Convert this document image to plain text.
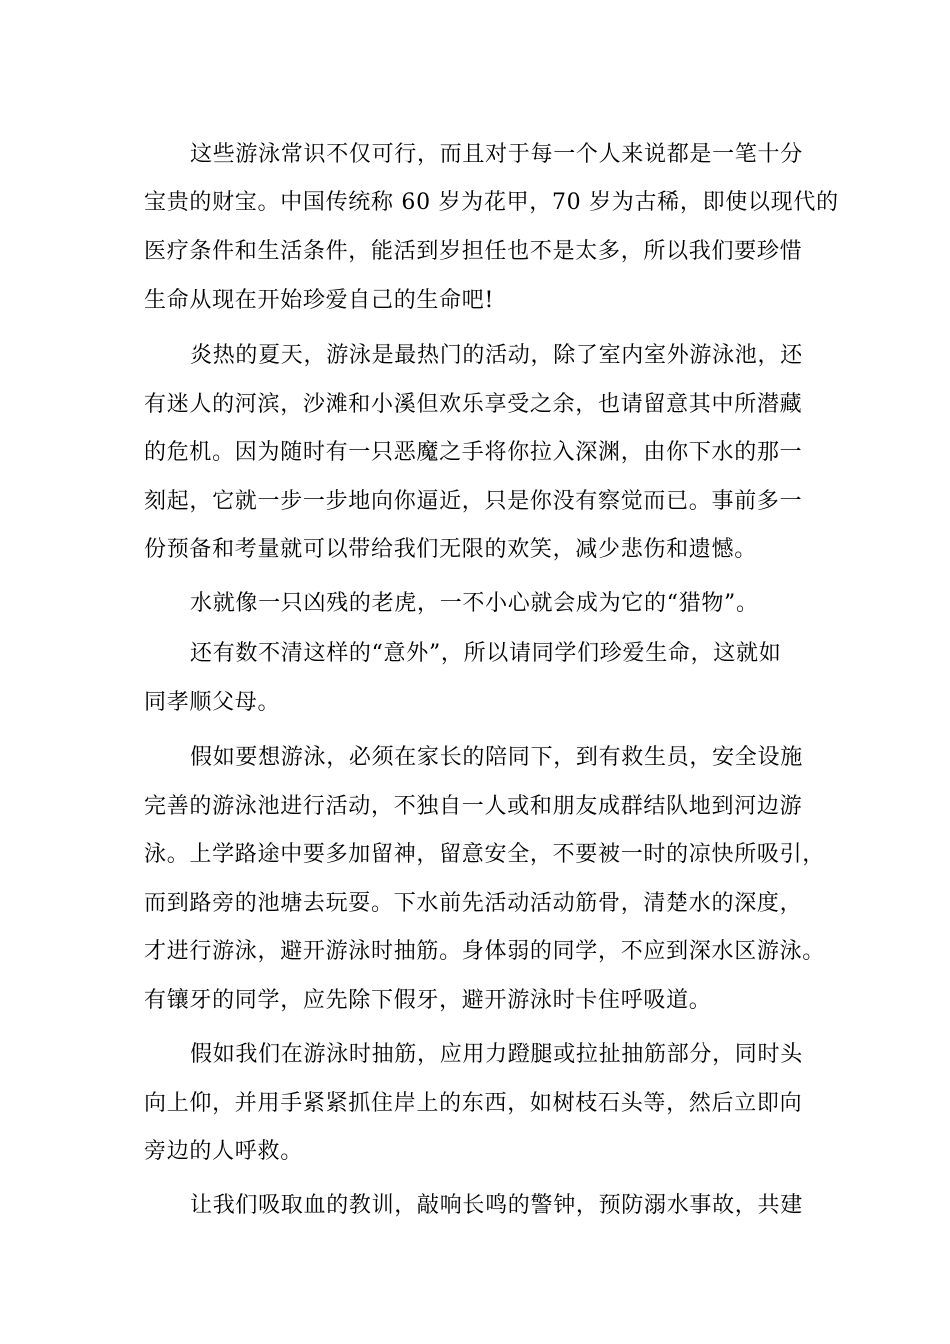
这些游泳常识不仅可行，而且对于每一个人来说都是一笔十分
宝贵的财宝。中国传统称 60 岁为花甲，70 岁为古稀，即使以现代的
医疗条件和生活条件，能活到岁担任也不是太多，所以我们要珍惜
生命从现在开始珍爱自己的生命吧!
炎热的夏天，游泳是最热门的活动，除了室内室外游泳池，还
有迷人的河滨，沙滩和小溪但欢乐享受之余，也请留意其中所潜藏
的危机。因为随时有一只恶魔之手将你拉入深渊，由你下水的那一
刻起，它就一步一步地向你逼近，只是你没有察觉而已。事前多一
份预备和考量就可以带给我们无限的欢笑，减少悲伤和遗憾。
水就像一只凶残的老虎，一不小心就会成为它的“猎物”。
还有数不清这样的“意外”，所以请同学们珍爱生命，这就如
同孝顺父母。
假如要想游泳，必须在家长的陪同下，到有救生员，安全设施
完善的游泳池进行活动，不独自一人或和朋友成群结队地到河边游
泳。上学路途中要多加留神，留意安全，不要被一时的凉快所吸引，
而到路旁的池塘去玩耍。下水前先活动活动筋骨，清楚水的深度，
才进行游泳，避开游泳时抽筋。身体弱的同学，不应到深水区游泳。
有镶牙的同学，应先除下假牙，避开游泳时卡住呼吸道。
假如我们在游泳时抽筋，应用力蹬腿或拉扯抽筋部分，同时头
向上仰，并用手紧紧抓住岸上的东西，如树枝石头等，然后立即向
旁边的人呼救。
让我们吸取血的教训，敲响长鸣的警钟，预防溺水事故，共建
